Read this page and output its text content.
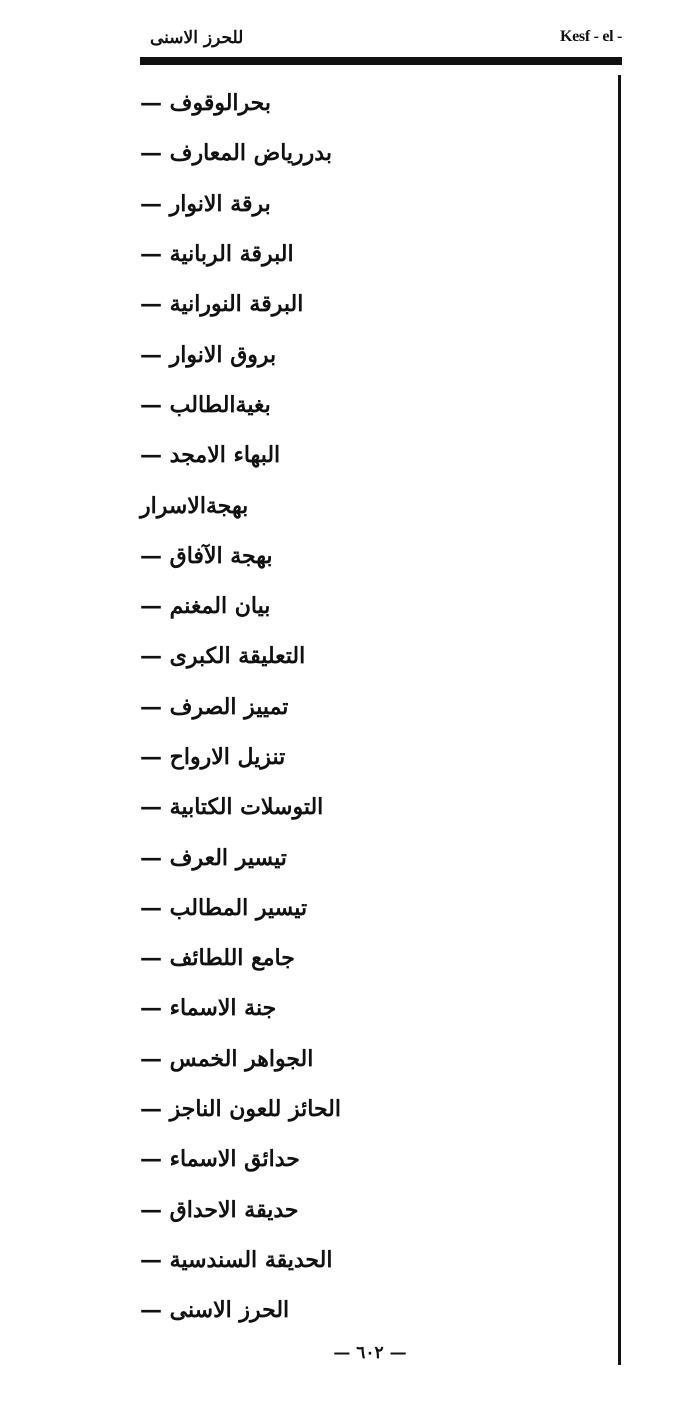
للحرز الاسنى	Kesf - el -
بحرالوقوف —
بدررياض المعارف —
برقة الانوار —
البرقة الربانية —
البرقة النورانية —
بروق الانوار —
بغيةالطالب —
البهاء الامجد —
بهجةالاسرار
بهجة الآفاق —
بيان المغنم —
التعليقة الكبرى —
تمييز الصرف —
تنزيل الارواح —
التوسلات الكتابية —
تيسير العرف —
تيسير المطالب —
جامع اللطائف —
جنة الاسماء —
الجواهر الخمس —
الحائز للعون الناجز —
حدائق الاسماء —
حديقة الاحداق —
الحديقة السندسية —
الحرز الاسنى —
— ٦٠٢ —
